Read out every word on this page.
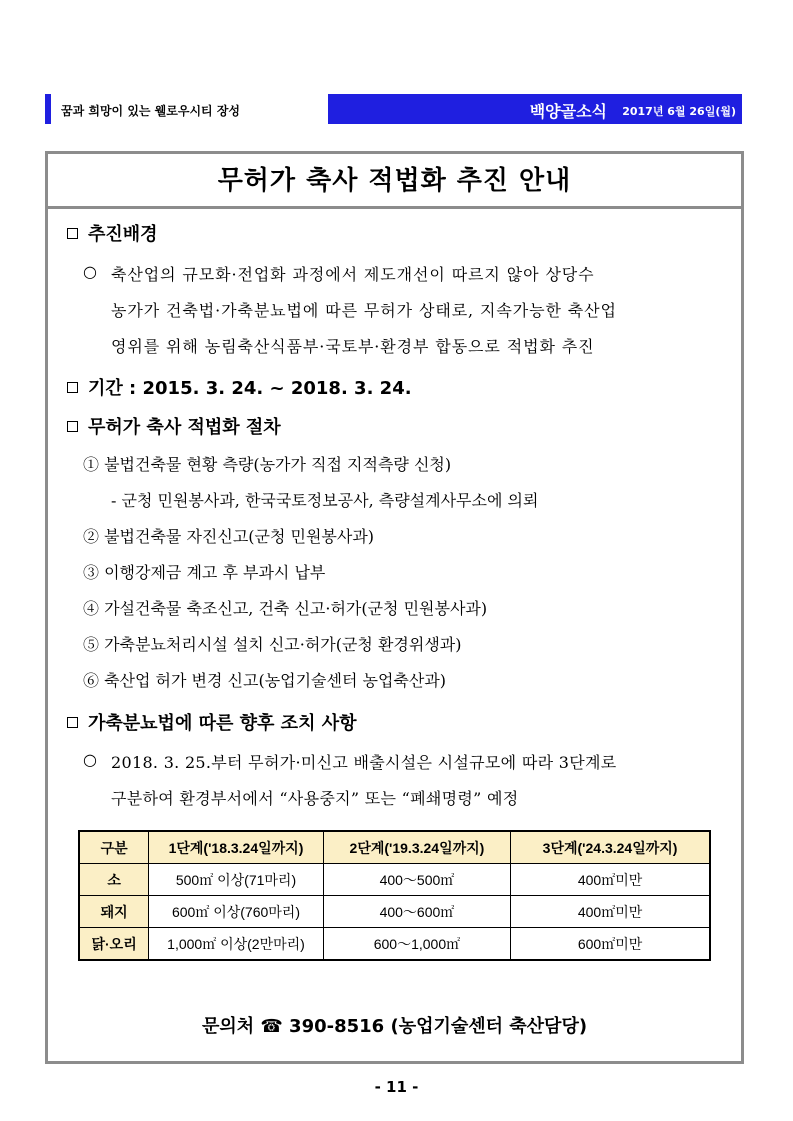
꿈과 희망이 있는 웰로우시티 장성	백양골소식 2017년 6월 26일(월)
무허가 축사 적법화 추진 안내
추진배경
○ 축산업의 규모화·전업화 과정에서 제도개선이 따르지 않아 상당수
농가가 건축법·가축분뇨법에 따른 무허가 상태로, 지속가능한 축산업
영위를 위해 농림축산식품부·국토부·환경부 합동으로 적법화 추진
기간 : 2015. 3. 24. ~ 2018. 3. 24.
무허가 축사 적법화 절차
① 불법건축물 현황 측량(농가가 직접 지적측량 신청)
- 군청 민원봉사과, 한국국토정보공사, 측량설계사무소에 의뢰
② 불법건축물 자진신고(군청 민원봉사과)
③ 이행강제금 계고 후 부과시 납부
④ 가설건축물 축조신고, 건축 신고·허가(군청 민원봉사과)
⑤ 가축분뇨처리시설 설치 신고·허가(군청 환경위생과)
⑥ 축산업 허가 변경 신고(농업기술센터 농업축산과)
가축분뇨법에 따른 향후 조치 사항
○ 2018. 3. 25.부터 무허가·미신고 배출시설은 시설규모에 따라 3단계로
구분하여 환경부서에서 “사용중지” 또는 “폐쇄명령” 예정
구분	1단계('18.3.24일까지)	2단계('19.3.24일까지)	3단계('24.3.24일까지)
소	500㎡ 이상(71마리)	400～500㎡	400㎡미만
돼지	600㎡ 이상(760마리)	400～600㎡	400㎡미만
닭·오리	1,000㎡ 이상(2만마리)	600～1,000㎡	600㎡미만
문의처 ☎ 390-8516 (농업기술센터 축산담당)
- 11 -
